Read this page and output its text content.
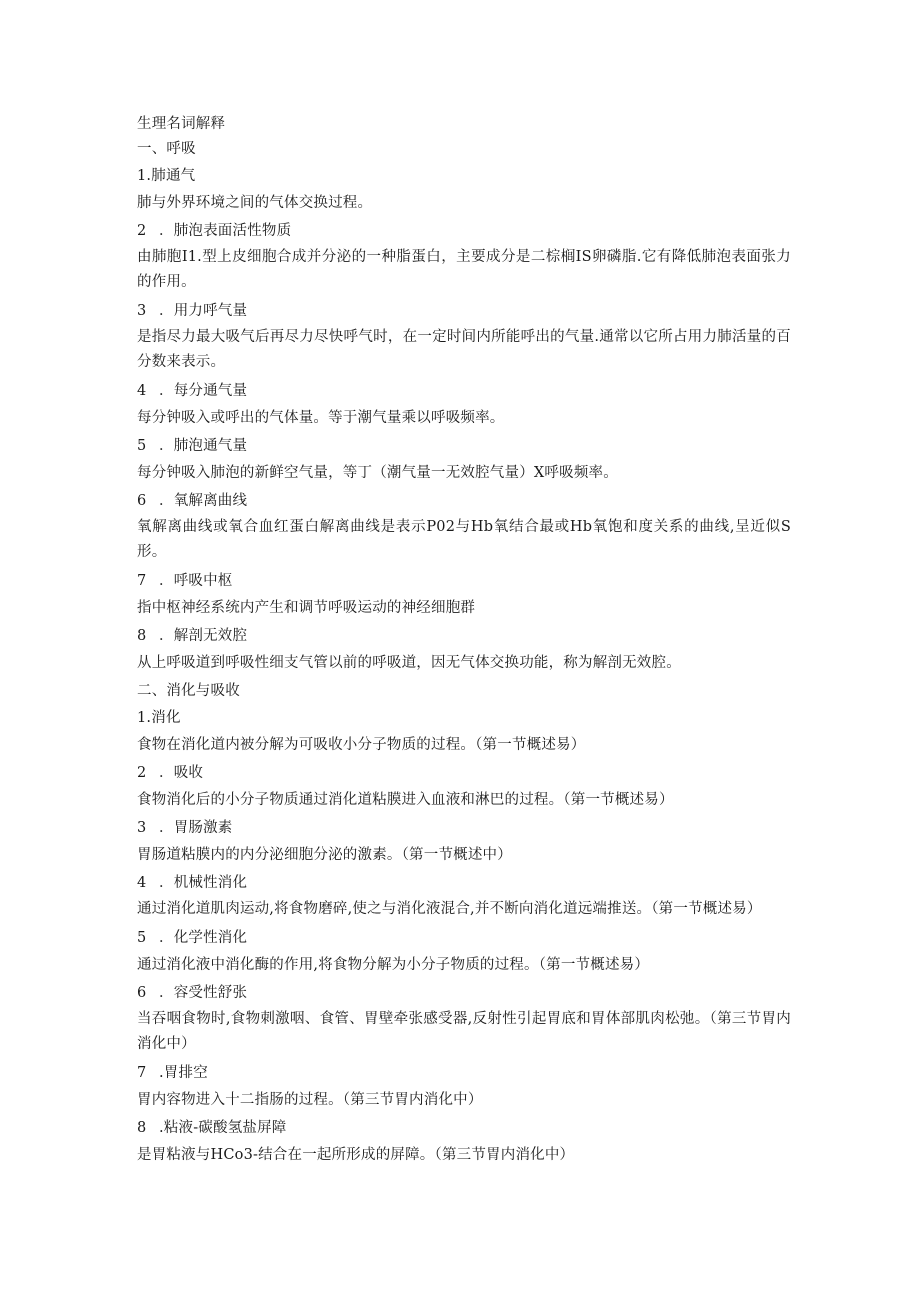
生理名词解释
一、呼吸
1.肺通气
肺与外界环境之间的气体交换过程。
2 ．肺泡表面活性物质
由肺胞I1.型上皮细胞合成并分泌的一种脂蛋白，主要成分是二棕榈IS卵磷脂.它有降低肺泡表面张力的作用。
3 ．用力呼气量
是指尽力最大吸气后再尽力尽快呼气时，在一定时间内所能呼出的气量.通常以它所占用力肺活量的百分数来表示。
4 ．每分通气量
每分钟吸入或呼出的气体量。等于潮气量乘以呼吸频率。
5 ．肺泡通气量
每分钟吸入肺泡的新鲜空气量，等丁（潮气量一无效腔气量）X呼吸频率。
6 ．氧解离曲线
氧解离曲线或氧合血红蛋白解离曲线是表示P02与Hb氧结合最或Hb氧饱和度关系的曲线,呈近似S形。
7 ．呼吸中枢
指中枢神经系统内产生和调节呼吸运动的神经细胞群
8 ．解剖无效腔
从上呼吸道到呼吸性细支气管以前的呼吸道，因无气体交换功能，称为解剖无效腔。
二、消化与吸收
1.消化
食物在消化道内被分解为可吸收小分子物质的过程。（第一节概述易）
2 ．吸收
食物消化后的小分子物质通过消化道粘膜进入血液和淋巴的过程。（第一节概述易）
3 ．胃肠激素
胃肠道粘膜内的内分泌细胞分泌的激素。（第一节概述中）
4 ．机械性消化
通过消化道肌肉运动,将食物磨碎,使之与消化液混合,并不断向消化道远端推送。（第一节概述易）
5 ．化学性消化
通过消化液中消化酶的作用,将食物分解为小分子物质的过程。（第一节概述易）
6 ．容受性舒张
当吞咽食物时,食物刺激咽、食管、胃壁牵张感受器,反射性引起胃底和胃体部肌肉松弛。（第三节胃内消化中）
7 .胃排空
胃内容物进入十二指肠的过程。（第三节胃内消化中）
8 .粘液-碳酸氢盐屏障
是胃粘液与HCo3-结合在一起所形成的屏障。（第三节胃内消化中）
